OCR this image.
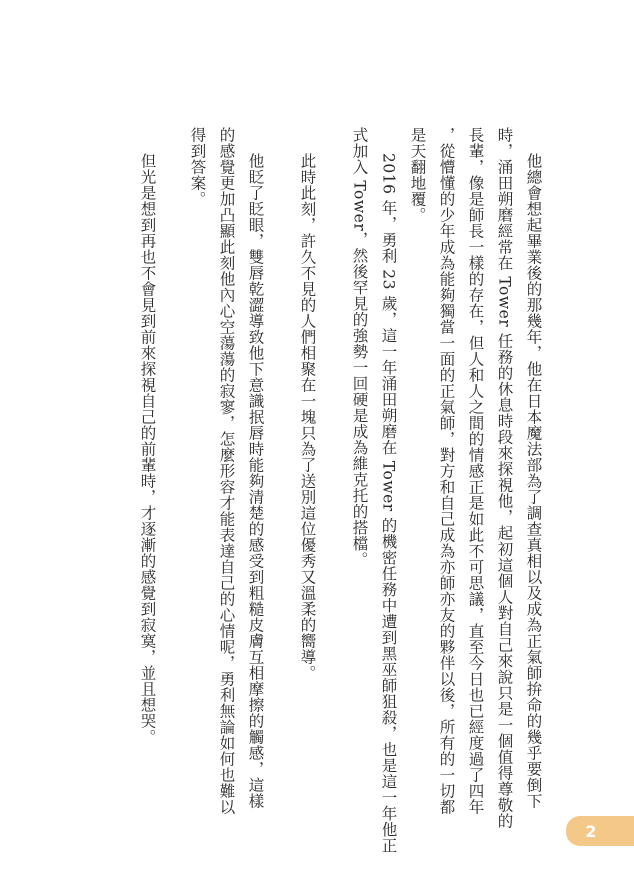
他總會想起畢業後的那幾年，他在日本魔法部為了調查真相以及成為正氣師拚命的幾乎要倒下
時，涌田朔磨經常在 Tower 任務的休息時段來探視他，起初這個人對自己來說只是一個值得尊敬的
長輩，像是師長一樣的存在，但人和人之間的情感正是如此不可思議，直至今日也已經度過了四年
，從懵懂的少年成為能夠獨當一面的正氣師，對方和自己成為亦師亦友的夥伴以後，所有的一切都
是天翻地覆。
2016 年，勇利 23 歲，這一年涌田朔磨在 Tower 的機密任務中遭到黑巫師狙殺，也是這一年他正
式加入 Tower，然後罕見的強勢一回硬是成為維克托的搭檔。
此時此刻，許久不見的人們相聚在一塊只為了送別這位優秀又溫柔的嚮導。
他眨了眨眼，雙唇乾澀導致他下意識抿唇時能夠清楚的感受到粗糙皮膚互相摩擦的觸感，這樣
的感覺更加凸顯此刻他內心空蕩蕩的寂寥，怎麼形容才能表達自己的心情呢，勇利無論如何也難以
得到答案。
但光是想到再也不會見到前來探視自己的前輩時，才逐漸的感覺到寂寞，並且想哭。
2
